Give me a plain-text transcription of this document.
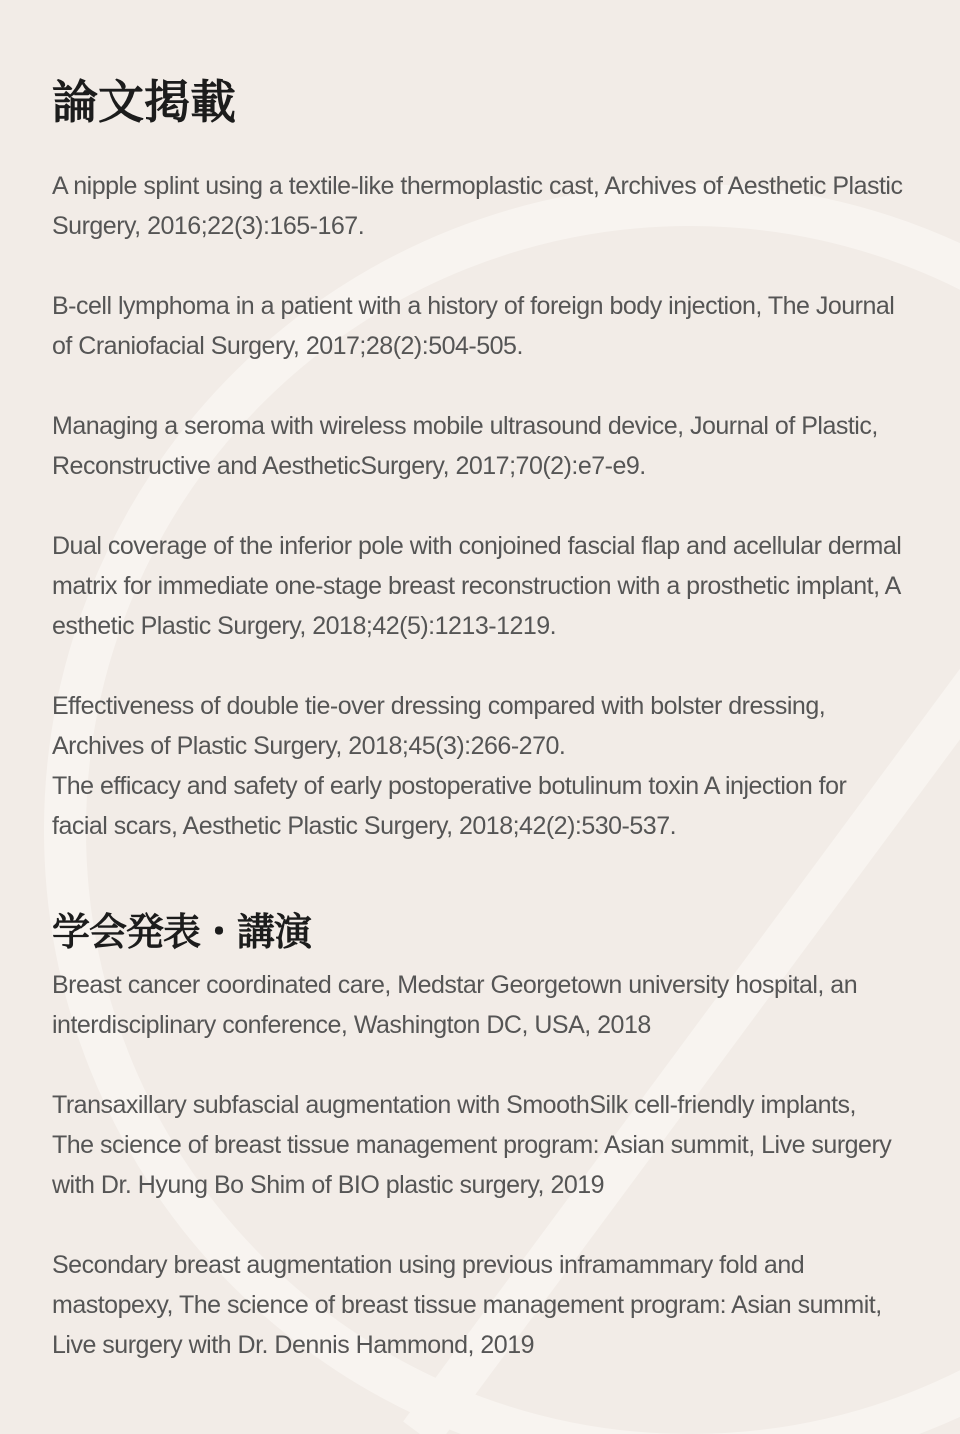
論文掲載
A nipple splint using a textile-like thermoplastic cast, Archives of Aesthetic Plastic
Surgery, 2016;22(3):165-167.
B-cell lymphoma in a patient with a history of foreign body injection, The Journal
of Craniofacial Surgery, 2017;28(2):504-505.
Managing a seroma with wireless mobile ultrasound device, Journal of Plastic,
Reconstructive and AestheticSurgery, 2017;70(2):e7-e9.
Dual coverage of the inferior pole with conjoined fascial flap and acellular dermal
matrix for immediate one-stage breast reconstruction with a prosthetic implant, A
esthetic Plastic Surgery, 2018;42(5):1213-1219.
Effectiveness of double tie-over dressing compared with bolster dressing,
Archives of Plastic Surgery, 2018;45(3):266-270.
The efficacy and safety of early postoperative botulinum toxin A injection for
facial scars, Aesthetic Plastic Surgery, 2018;42(2):530-537.
学会発表・講演
Breast cancer coordinated care, Medstar Georgetown university hospital, an
interdisciplinary conference, Washington DC, USA, 2018
Transaxillary subfascial augmentation with SmoothSilk cell-friendly implants,
The science of breast tissue management program: Asian summit, Live surgery
with Dr. Hyung Bo Shim of BIO plastic surgery, 2019
Secondary breast augmentation using previous inframammary fold and
mastopexy, The science of breast tissue management program: Asian summit,
Live surgery with Dr. Dennis Hammond, 2019
